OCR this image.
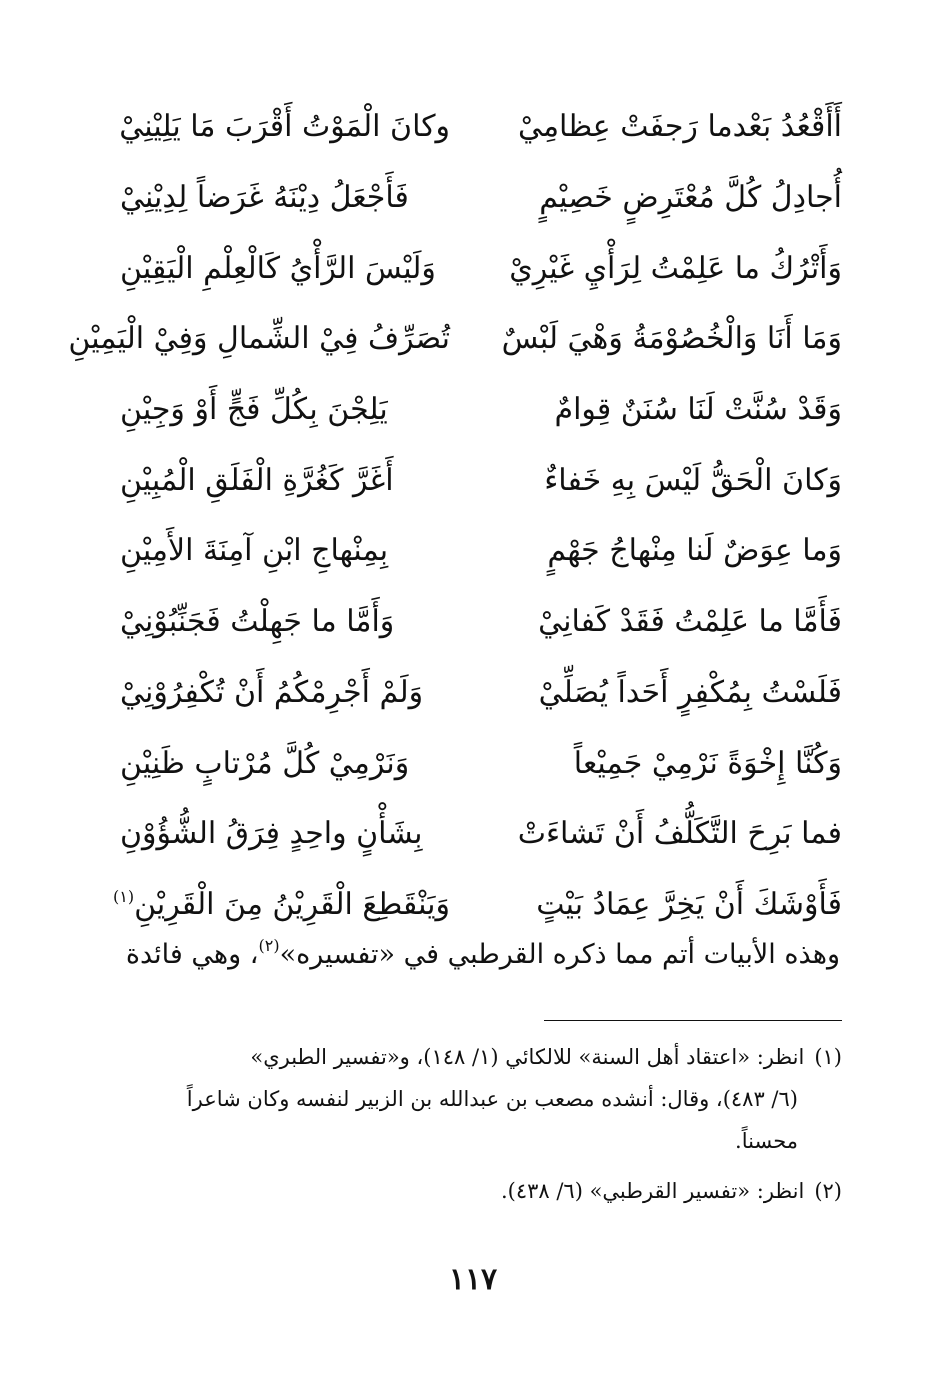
أَأَقْعُدُ بَعْدما رَجفَتْ عِظامِيْ
وكانَ الْمَوْتُ أَقْرَبَ مَا يَلِيْنِيْ
أُجادِلُ كُلَّ مُعْتَرِضٍ خَصِيْمٍ
فَأَجْعَلُ دِيْنَهُ غَرَضاً لِدِيْنِيْ
وَأَتْرُكُ ما عَلِمْتُ لِرَأْيِ غَيْرِيْ
وَلَيْسَ الرَّأْيُ كَالْعِلْمِ الْيَقِيْنِ
وَمَا أَنَا وَالْخُصُوْمَةُ وَهْيَ لَبْسٌ
تُصَرِّفُ فِيْ الشِّمالِ وَفِيْ الْيَمِيْنِ
وَقَدْ سُنَّتْ لَنَا سُنَنٌ قِوامٌ
يَلِجْنَ بِكُلِّ فَجٍّ أَوْ وَجِيْنِ
وَكانَ الْحَقُّ لَيْسَ بِهِ خَفاءٌ
أَغَرَّ كَغُرَّةِ الْفَلَقِ الْمُبِيْنِ
وَما عِوَضٌ لَنا مِنْهاجُ جَهْمٍ
بِمِنْهاجِ ابْنِ آمِنَةَ الأَمِيْنِ
فَأَمَّا ما عَلِمْتُ فَقَدْ كَفانِيْ
وَأَمَّا ما جَهِلْتُ فَجَنِّبُوْنِيْ
فَلَسْتُ بِمُكْفِرٍ أَحَداً يُصَلِّيْ
وَلَمْ أَجْرِمْكُمُ أَنْ تُكْفِرُوْنِيْ
وَكُنَّا إِخْوَةً نَرْمِيْ جَمِيْعاً
وَنَرْمِيْ كُلَّ مُرْتابٍ ظَنِيْنِ
فما بَرِحَ التَّكَلُّفُ أَنْ تَشاءَتْ
بِشَأْنٍ واحِدٍ فِرَقُ الشُّؤُوْنِ
فَأَوْشَكَ أَنْ يَخِرَّ عِمَادُ بَيْتٍ
وَيَنْقَطِعَ الْقَرِيْنُ مِنَ الْقَرِيْنِ$^{(١)}$
وهذه الأبيات أتم مما ذكره القرطبي في «تفسيره»$^{(٢)}$، وهي فائدة
(١)انظر: «اعتقاد أهل السنة» للالكائي (١/ ١٤٨)، و«تفسير الطبري»
(٦/ ٤٨٣)، وقال: أنشده مصعب بن عبدالله بن الزبير لنفسه وكان شاعراً
محسناً.
(٢)انظر: «تفسير القرطبي» (٦/ ٤٣٨).
١١٧
